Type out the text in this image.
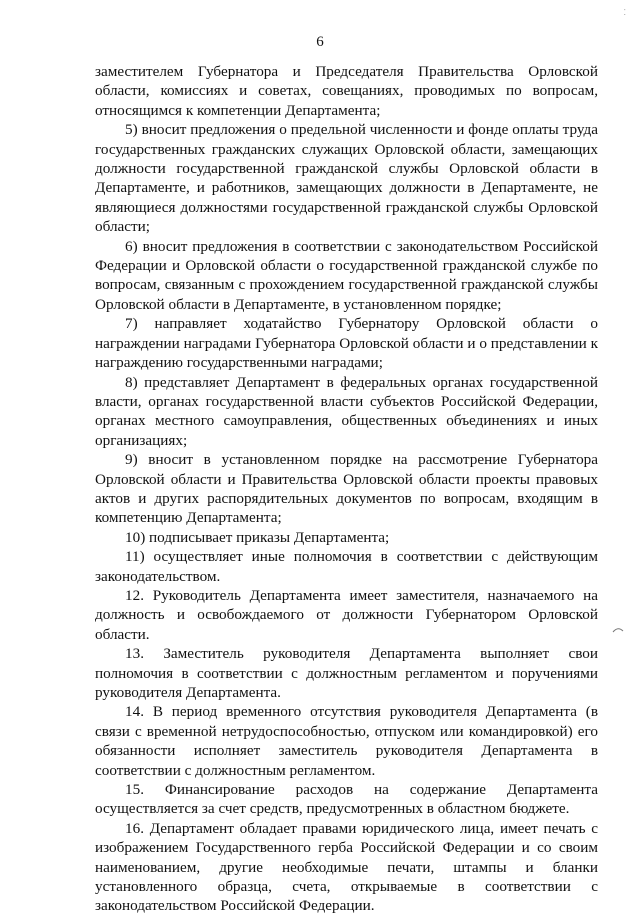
⁚
6

заместителем Губернатора и Председателя Правительства Орловской области, комиссиях и советах, совещаниях, проводимых по вопросам, относящимся к компетенции Департамента;

5) вносит предложения о предельной численности и фонде оплаты труда государственных гражданских служащих Орловской области, замещающих должности государственной гражданской службы Орловской области в Департаменте, и работников, замещающих должности в Департаменте, не являющиеся должностями государственной гражданской службы Орловской области;

6) вносит предложения в соответствии с законодательством Российской Федерации и Орловской области о государственной гражданской службе по вопросам, связанным с прохождением государственной гражданской службы Орловской области в Департаменте, в установленном порядке;

7) направляет ходатайство Губернатору Орловской области о награждении наградами Губернатора Орловской области и о представлении к награждению государственными наградами;

8) представляет Департамент в федеральных органах государственной власти, органах государственной власти субъектов Российской Федерации, органах местного самоуправления, общественных объединениях и иных организациях;

9) вносит в установленном порядке на рассмотрение Губернатора Орловской области и Правительства Орловской области проекты правовых актов и других распорядительных документов по вопросам, входящим в компетенцию Департамента;

10) подписывает приказы Департамента;

11) осуществляет иные полномочия в соответствии с действующим законодательством.

12. Руководитель Департамента имеет заместителя, назначаемого на должность и освобождаемого от должности Губернатором Орловской области.

13. Заместитель руководителя Департамента выполняет свои полномочия в соответствии с должностным регламентом и поручениями руководителя Департамента.

14. В период временного отсутствия руководителя Департамента (в связи с временной нетрудоспособностью, отпуском или командировкой) его обязанности исполняет заместитель руководителя Департамента в соответствии с должностным регламентом.

15. Финансирование расходов на содержание Департамента осуществляется за счет средств, предусмотренных в областном бюджете.

16. Департамент обладает правами юридического лица, имеет печать с изображением Государственного герба Российской Федерации и со своим наименованием, другие необходимые печати, штампы и бланки установленного образца, счета, открываемые в соответствии с законодательством Российской Федерации.
